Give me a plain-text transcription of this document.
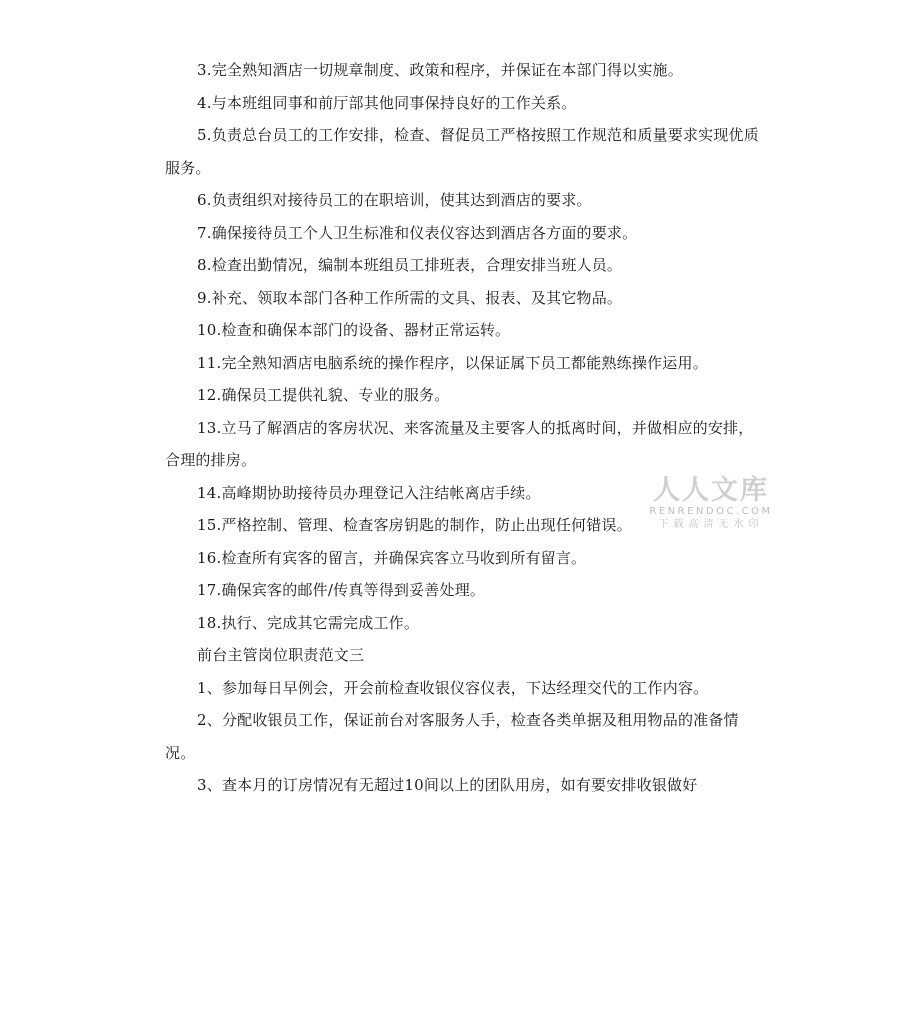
3.完全熟知酒店一切规章制度、政策和程序，并保证在本部门得以实施。

4.与本班组同事和前厅部其他同事保持良好的工作关系。

5.负责总台员工的工作安排，检查、督促员工严格按照工作规范和质量要求实现优质服务。

6.负责组织对接待员工的在职培训，使其达到酒店的要求。

7.确保接待员工个人卫生标准和仪表仪容达到酒店各方面的要求。

8.检查出勤情况，编制本班组员工排班表，合理安排当班人员。

9.补充、领取本部门各种工作所需的文具、报表、及其它物品。

10.检查和确保本部门的设备、器材正常运转。

11.完全熟知酒店电脑系统的操作程序，以保证属下员工都能熟练操作运用。

12.确保员工提供礼貌、专业的服务。

13.立马了解酒店的客房状况、来客流量及主要客人的抵离时间，并做相应的安排，合理的排房。

14.高峰期协助接待员办理登记入注结帐离店手续。

15.严格控制、管理、检查客房钥匙的制作，防止出现任何错误。

16.检查所有宾客的留言，并确保宾客立马收到所有留言。

17.确保宾客的邮件/传真等得到妥善处理。

18.执行、完成其它需完成工作。

前台主管岗位职责范文三

1、参加每日早例会，开会前检查收银仪容仪表，下达经理交代的工作内容。

2、分配收银员工作，保证前台对客服务人手，检查各类单据及租用物品的准备情况。

3、查本月的订房情况有无超过10间以上的团队用房，如有要安排收银做好

人人文库
RENRENDOC.COM
下载高清无水印
